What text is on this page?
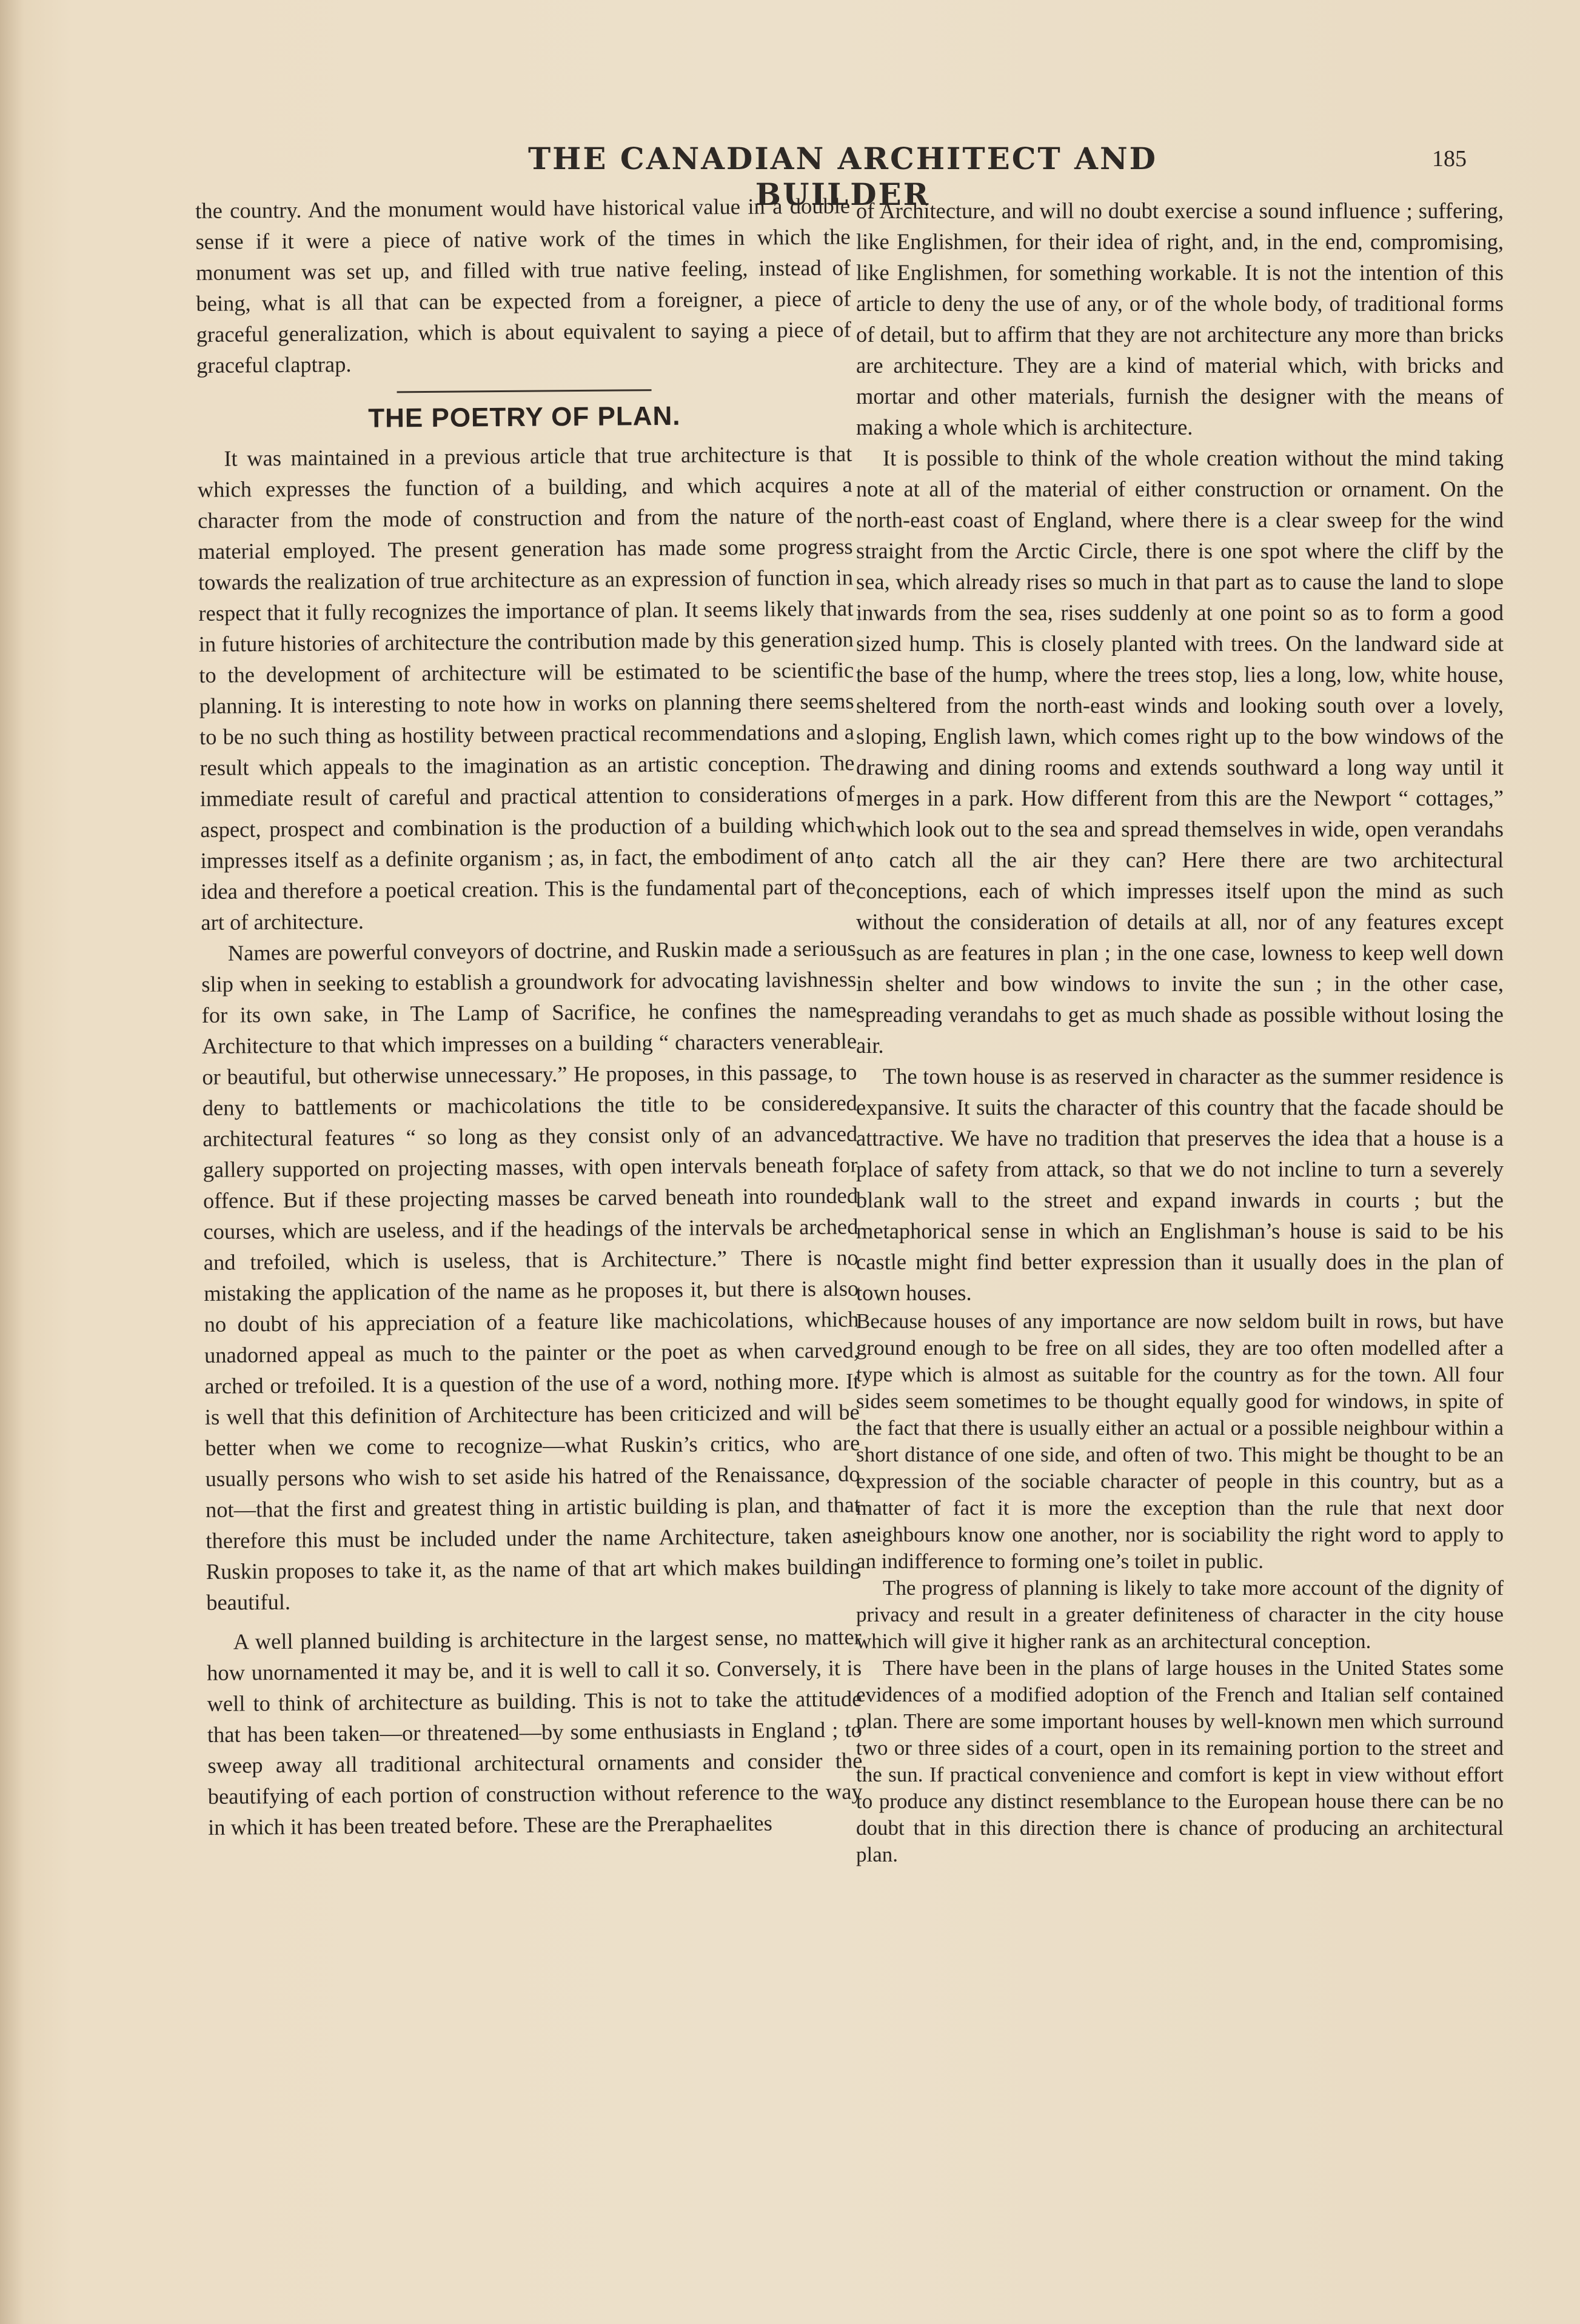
THE CANADIAN ARCHITECT AND BUILDER
185

the country. And the monument would have historical value in a double sense if it were a piece of native work of the times in which the monument was set up, and filled with true native feeling, instead of being, what is all that can be expected from a foreigner, a piece of graceful generalization, which is about equivalent to saying a piece of graceful claptrap.

THE POETRY OF PLAN.

It was maintained in a previous article that true architecture is that which expresses the function of a building, and which acquires a character from the mode of construction and from the nature of the material employed. The present generation has made some progress towards the realization of true architecture as an expression of function in respect that it fully recognizes the importance of plan. It seems likely that in future histories of architecture the contribution made by this generation to the development of architecture will be estimated to be scientific planning. It is interesting to note how in works on planning there seems to be no such thing as hostility between practical recommendations and a result which appeals to the imagination as an artistic conception. The immediate result of careful and practical attention to considerations of aspect, prospect and combination is the production of a building which impresses itself as a definite organism ; as, in fact, the embodiment of an idea and therefore a poetical creation. This is the fundamental part of the art of architecture.

Names are powerful conveyors of doctrine, and Ruskin made a serious slip when in seeking to establish a groundwork for advocating lavishness for its own sake, in The Lamp of Sacrifice, he confines the name Architecture to that which impresses on a building “ characters venerable or beautiful, but otherwise unnecessary.” He proposes, in this passage, to deny to battlements or machicolations the title to be considered architectural features “ so long as they consist only of an advanced gallery supported on projecting masses, with open intervals beneath for offence. But if these projecting masses be carved beneath into rounded courses, which are useless, and if the headings of the intervals be arched and trefoiled, which is useless, that is Architecture.” There is no mistaking the application of the name as he proposes it, but there is also no doubt of his appreciation of a feature like machicolations, which unadorned appeal as much to the painter or the poet as when carved, arched or trefoiled. It is a question of the use of a word, nothing more. It is well that this definition of Architecture has been criticized and will be better when we come to recognize—what Ruskin’s critics, who are usually persons who wish to set aside his hatred of the Renaissance, do not—that the first and greatest thing in artistic building is plan, and that therefore this must be included under the name Architecture, taken as Ruskin proposes to take it, as the name of that art which makes building beautiful.

A well planned building is architecture in the largest sense, no matter how unornamented it may be, and it is well to call it so. Conversely, it is well to think of architecture as building. This is not to take the attitude that has been taken—or threatened—by some enthusiasts in England ; to sweep away all traditional architectural ornaments and consider the beautifying of each portion of construction without reference to the way in which it has been treated before. These are the Preraphaelites

of Architecture, and will no doubt exercise a sound influence ; suffering, like Englishmen, for their idea of right, and, in the end, compromising, like Englishmen, for something workable. It is not the intention of this article to deny the use of any, or of the whole body, of traditional forms of detail, but to affirm that they are not architecture any more than bricks are architecture. They are a kind of material which, with bricks and mortar and other materials, furnish the designer with the means of making a whole which is architecture.

It is possible to think of the whole creation without the mind taking note at all of the material of either construction or ornament. On the north-east coast of England, where there is a clear sweep for the wind straight from the Arctic Circle, there is one spot where the cliff by the sea, which already rises so much in that part as to cause the land to slope inwards from the sea, rises suddenly at one point so as to form a good sized hump. This is closely planted with trees. On the landward side at the base of the hump, where the trees stop, lies a long, low, white house, sheltered from the north-east winds and looking south over a lovely, sloping, English lawn, which comes right up to the bow windows of the drawing and dining rooms and extends southward a long way until it merges in a park. How different from this are the Newport “ cottages,” which look out to the sea and spread themselves in wide, open verandahs to catch all the air they can? Here there are two architectural conceptions, each of which impresses itself upon the mind as such without the consideration of details at all, nor of any features except such as are features in plan ; in the one case, lowness to keep well down in shelter and bow windows to invite the sun ; in the other case, spreading verandahs to get as much shade as possible without losing the air.

The town house is as reserved in character as the summer residence is expansive. It suits the character of this country that the facade should be attractive. We have no tradition that preserves the idea that a house is a place of safety from attack, so that we do not incline to turn a severely blank wall to the street and expand inwards in courts ; but the metaphorical sense in which an Englishman’s house is said to be his castle might find better expression than it usually does in the plan of town houses.

Because houses of any importance are now seldom built in rows, but have ground enough to be free on all sides, they are too often modelled after a type which is almost as suitable for the country as for the town. All four sides seem sometimes to be thought equally good for windows, in spite of the fact that there is usually either an actual or a possible neighbour within a short distance of one side, and often of two. This might be thought to be an expression of the sociable character of people in this country, but as a matter of fact it is more the exception than the rule that next door neighbours know one another, nor is sociability the right word to apply to an indifference to forming one’s toilet in public.

The progress of planning is likely to take more account of the dignity of privacy and result in a greater definiteness of character in the city house which will give it higher rank as an architectural conception.

There have been in the plans of large houses in the United States some evidences of a modified adoption of the French and Italian self contained plan. There are some important houses by well-known men which surround two or three sides of a court, open in its remaining portion to the street and the sun. If practical convenience and comfort is kept in view without effort to produce any distinct resemblance to the European house there can be no doubt that in this direction there is chance of producing an architectural plan.
